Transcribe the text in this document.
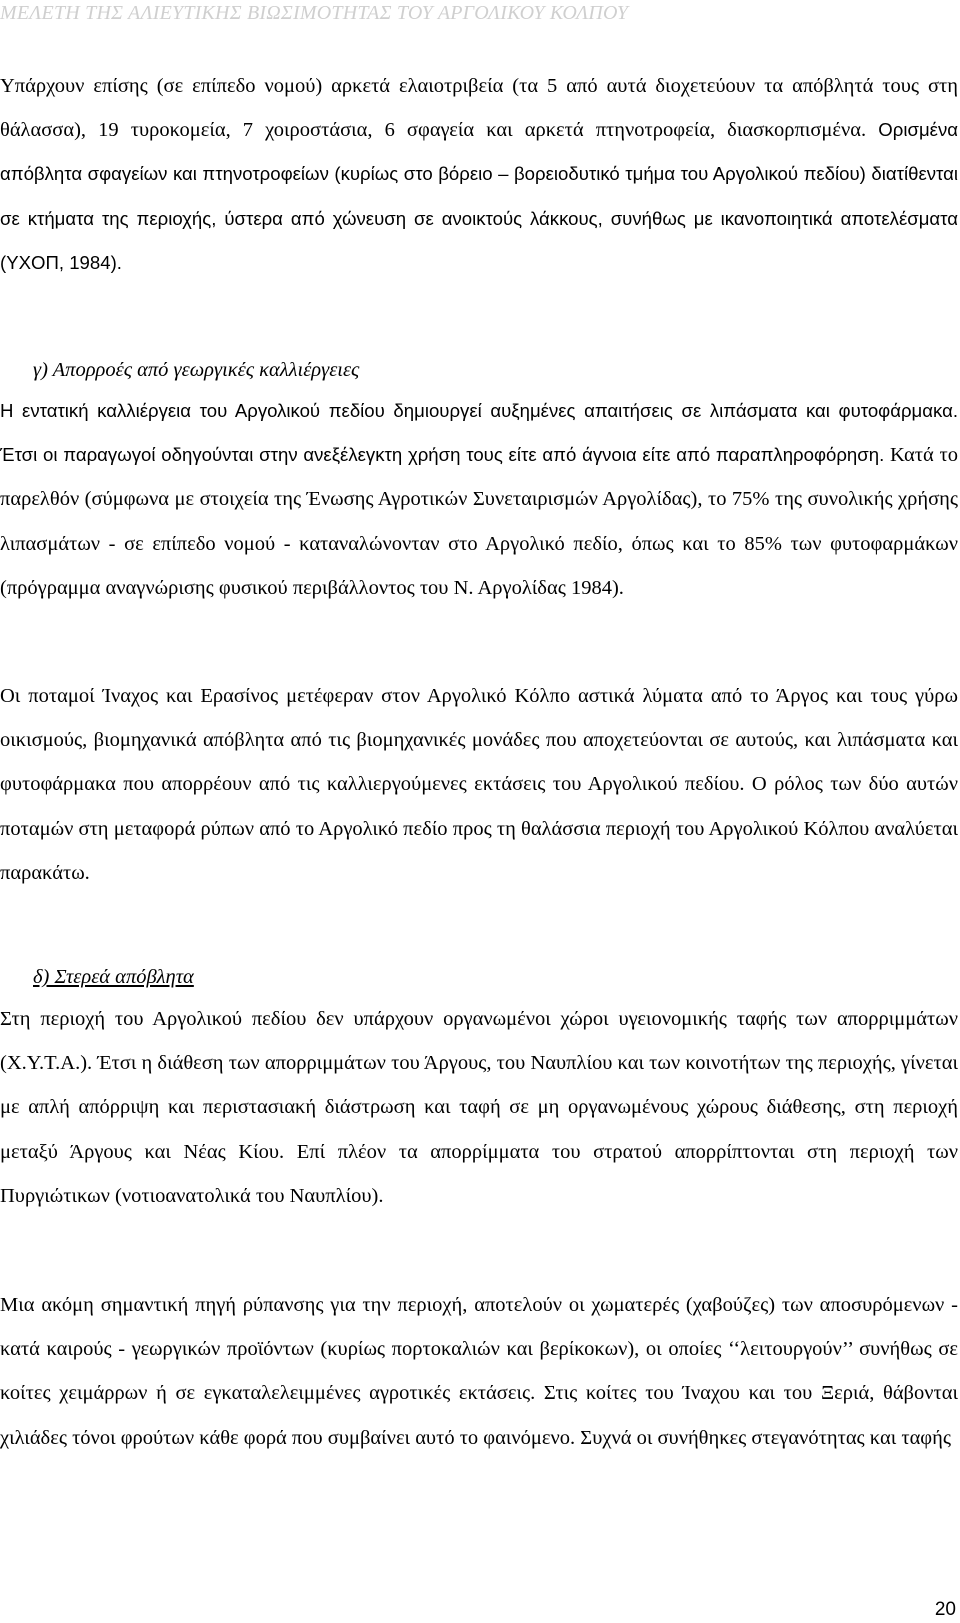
ΜΕΛΕΤΗ ΤΗΣ ΑΛΙΕΥΤΙΚΗΣ ΒΙΩΣΙΜΟΤΗΤΑΣ ΤΟΥ ΑΡΓΟΛΙΚΟΥ ΚΟΛΠΟΥ

Υπάρχουν επίσης (σε επίπεδο νομού) αρκετά ελαιοτριβεία (τα 5 από αυτά διοχετεύουν τα απόβλητά τους στη θάλασσα), 19 τυροκομεία, 7 χοιροστάσια, 6 σφαγεία και αρκετά πτηνοτροφεία, διασκορπισμένα. Ορισμένα απόβλητα σφαγείων και πτηνοτροφείων (κυρίως στο βόρειο – βορειοδυτικό τμήμα του Αργολικού πεδίου) διατίθενται σε κτήματα της περιοχής, ύστερα από χώνευση σε ανοικτούς λάκκους, συνήθως με ικανοποιητικά αποτελέσματα (ΥΧΟΠ, 1984).

γ) Απορροές από γεωργικές καλλιέργειες

Η εντατική καλλιέργεια του Αργολικού πεδίου δημιουργεί αυξημένες απαιτήσεις σε λιπάσματα και φυτοφάρμακα. Έτσι οι παραγωγοί οδηγούνται στην ανεξέλεγκτη χρήση τους είτε από άγνοια είτε από παραπληροφόρηση. Κατά το παρελθόν (σύμφωνα με στοιχεία της Ένωσης Αγροτικών Συνεταιρισμών Αργολίδας), το 75% της συνολικής χρήσης λιπασμάτων - σε επίπεδο νομού - καταναλώνονταν στο Αργολικό πεδίο, όπως και το 85% των φυτοφαρμάκων (πρόγραμμα αναγνώρισης φυσικού περιβάλλοντος του Ν. Αργολίδας 1984).

Οι ποταμοί Ίναχος και Ερασίνος μετέφεραν στον Αργολικό Κόλπο αστικά λύματα από το Άργος και τους γύρω οικισμούς, βιομηχανικά απόβλητα από τις βιομηχανικές μονάδες που αποχετεύονται σε αυτούς, και λιπάσματα και φυτοφάρμακα που απορρέουν από τις καλλιεργούμενες εκτάσεις του Αργολικού πεδίου. Ο ρόλος των δύο αυτών ποταμών στη μεταφορά ρύπων από το Αργολικό πεδίο προς τη θαλάσσια περιοχή του Αργολικού Κόλπου αναλύεται παρακάτω.

δ) Στερεά απόβλητα

Στη περιοχή του Αργολικού πεδίου δεν υπάρχουν οργανωμένοι χώροι υγειονομικής ταφής των απορριμμάτων (Χ.Υ.Τ.Α.). Έτσι η διάθεση των απορριμμάτων του Άργους, του Ναυπλίου και των κοινοτήτων της περιοχής, γίνεται με απλή απόρριψη και περιστασιακή διάστρωση και ταφή σε μη οργανωμένους χώρους διάθεσης, στη περιοχή μεταξύ Άργους και Νέας Κίου. Επί πλέον τα απορρίμματα του στρατού απορρίπτονται στη περιοχή των Πυργιώτικων (νοτιοανατολικά του Ναυπλίου).

Μια ακόμη σημαντική πηγή ρύπανσης για την περιοχή, αποτελούν οι χωματερές (χαβούζες) των αποσυρόμενων - κατά καιρούς - γεωργικών προϊόντων (κυρίως πορτοκαλιών και βερίκοκων), οι οποίες ‘‘λειτουργούν’’ συνήθως σε κοίτες χειμάρρων ή σε εγκαταλελειμμένες αγροτικές εκτάσεις. Στις κοίτες του Ίναχου και του Ξεριά, θάβονται χιλιάδες τόνοι φρούτων κάθε φορά που συμβαίνει αυτό το φαινόμενο. Συχνά οι συνήθηκες στεγανότητας και ταφής

20
